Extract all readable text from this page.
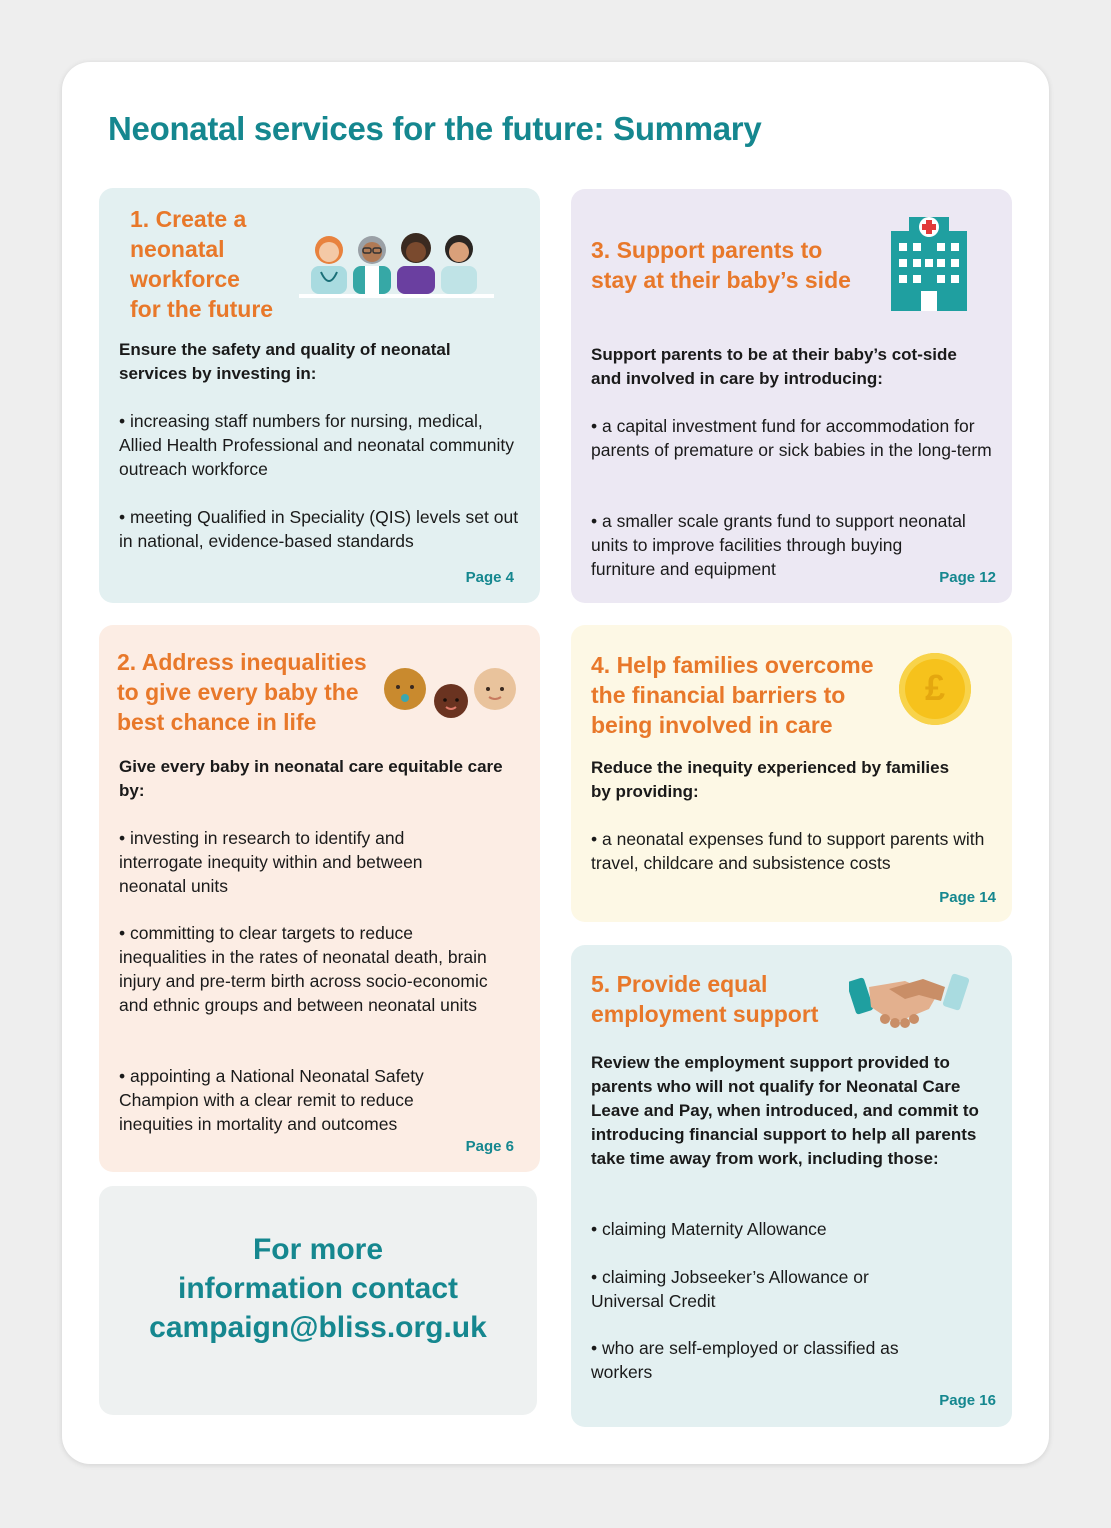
Neonatal services for the future: Summary
1. Create a
neonatal
workforce
for the future

Ensure the safety and quality of neonatal services by investing in:

• increasing staff numbers for nursing, medical, Allied Health Professional and neonatal community outreach workforce

• meeting Qualified in Speciality (QIS) levels set out in national, evidence-based standards

Page 4
3. Support parents to
stay at their baby’s side

Support parents to be at their baby’s cot-side and involved in care by introducing:

• a capital investment fund for accommodation for parents of premature or sick babies in the long-term

• a smaller scale grants fund to support neonatal units to improve facilities through buying furniture and equipment	Page 12
2. Address inequalities
to give every baby the
best chance in life

Give every baby in neonatal care equitable care by:

• investing in research to identify and interrogate inequity within and between neonatal units

• committing to clear targets to reduce inequalities in the rates of neonatal death, brain injury and pre-term birth across socio-economic and ethnic groups and between neonatal units

• appointing a National Neonatal Safety Champion with a clear remit to reduce inequities in mortality and outcomes

Page 6
4. Help families overcome
the financial barriers to
being involved in care
£

Reduce the inequity experienced by families by providing:

• a neonatal expenses fund to support parents with travel, childcare and subsistence costs

Page 14
5. Provide equal
employment support

Review the employment support provided to parents who will not qualify for Neonatal Care Leave and Pay, when introduced, and commit to introducing financial support to help all parents take time away from work, including those:

• claiming Maternity Allowance

• claiming Jobseeker’s Allowance or Universal Credit

• who are self-employed or classified as workers

Page 16

For more
information contact
campaign@bliss.org.uk
